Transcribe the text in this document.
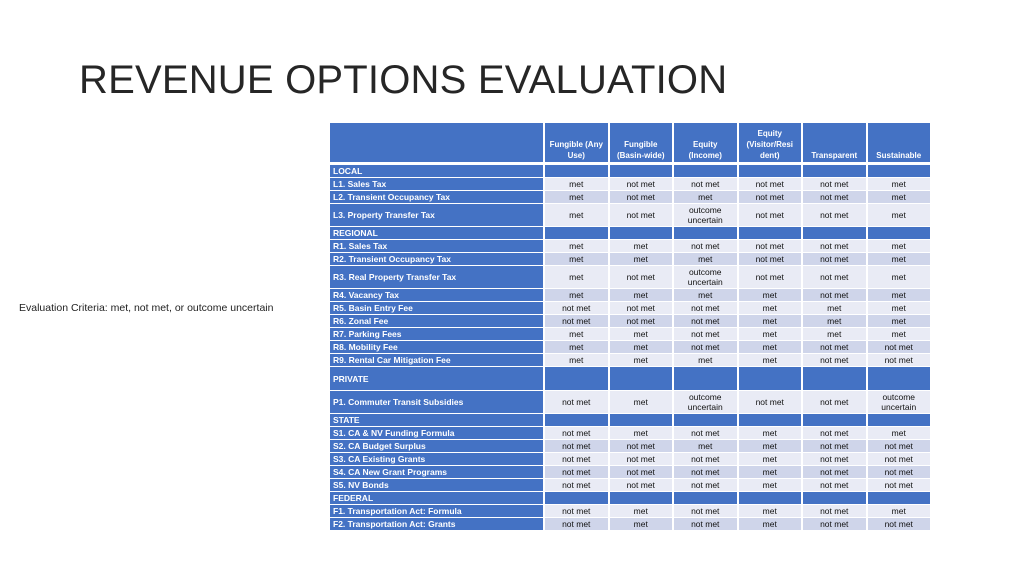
REVENUE OPTIONS EVALUATION
Evaluation Criteria: met, not met, or outcome uncertain
	Fungible (Any Use)	Fungible (Basin-wide)	Equity (Income)	Equity (Visitor/Resi dent)	Transparent	Sustainable
LOCAL						
L1. Sales Tax	met	not met	not met	not met	not met	met
L2. Transient Occupancy Tax	met	not met	met	not met	not met	met
L3. Property Transfer Tax	met	not met	outcome uncertain	not met	not met	met
REGIONAL						
R1. Sales Tax	met	met	not met	not met	not met	met
R2. Transient Occupancy Tax	met	met	met	not met	not met	met
R3. Real Property Transfer Tax	met	not met	outcome uncertain	not met	not met	met
R4. Vacancy Tax	met	met	met	met	not met	met
R5. Basin Entry Fee	not met	not met	not met	met	met	met
R6. Zonal Fee	not met	not met	not met	met	met	met
R7. Parking Fees	met	met	not met	met	met	met
R8. Mobility Fee	met	met	not met	met	not met	not met
R9. Rental Car Mitigation Fee	met	met	met	met	not met	not met
PRIVATE						
P1. Commuter Transit Subsidies	not met	met	outcome uncertain	not met	not met	outcome uncertain
STATE						
S1. CA & NV Funding Formula	not met	met	not met	met	not met	met
S2. CA Budget Surplus	not met	not met	met	met	not met	not met
S3. CA Existing Grants	not met	not met	not met	met	not met	not met
S4. CA New Grant Programs	not met	not met	not met	met	not met	not met
S5. NV Bonds	not met	not met	not met	met	not met	not met
FEDERAL						
F1. Transportation Act: Formula	not met	met	not met	met	not met	met
F2. Transportation Act: Grants	not met	met	not met	met	not met	not met
